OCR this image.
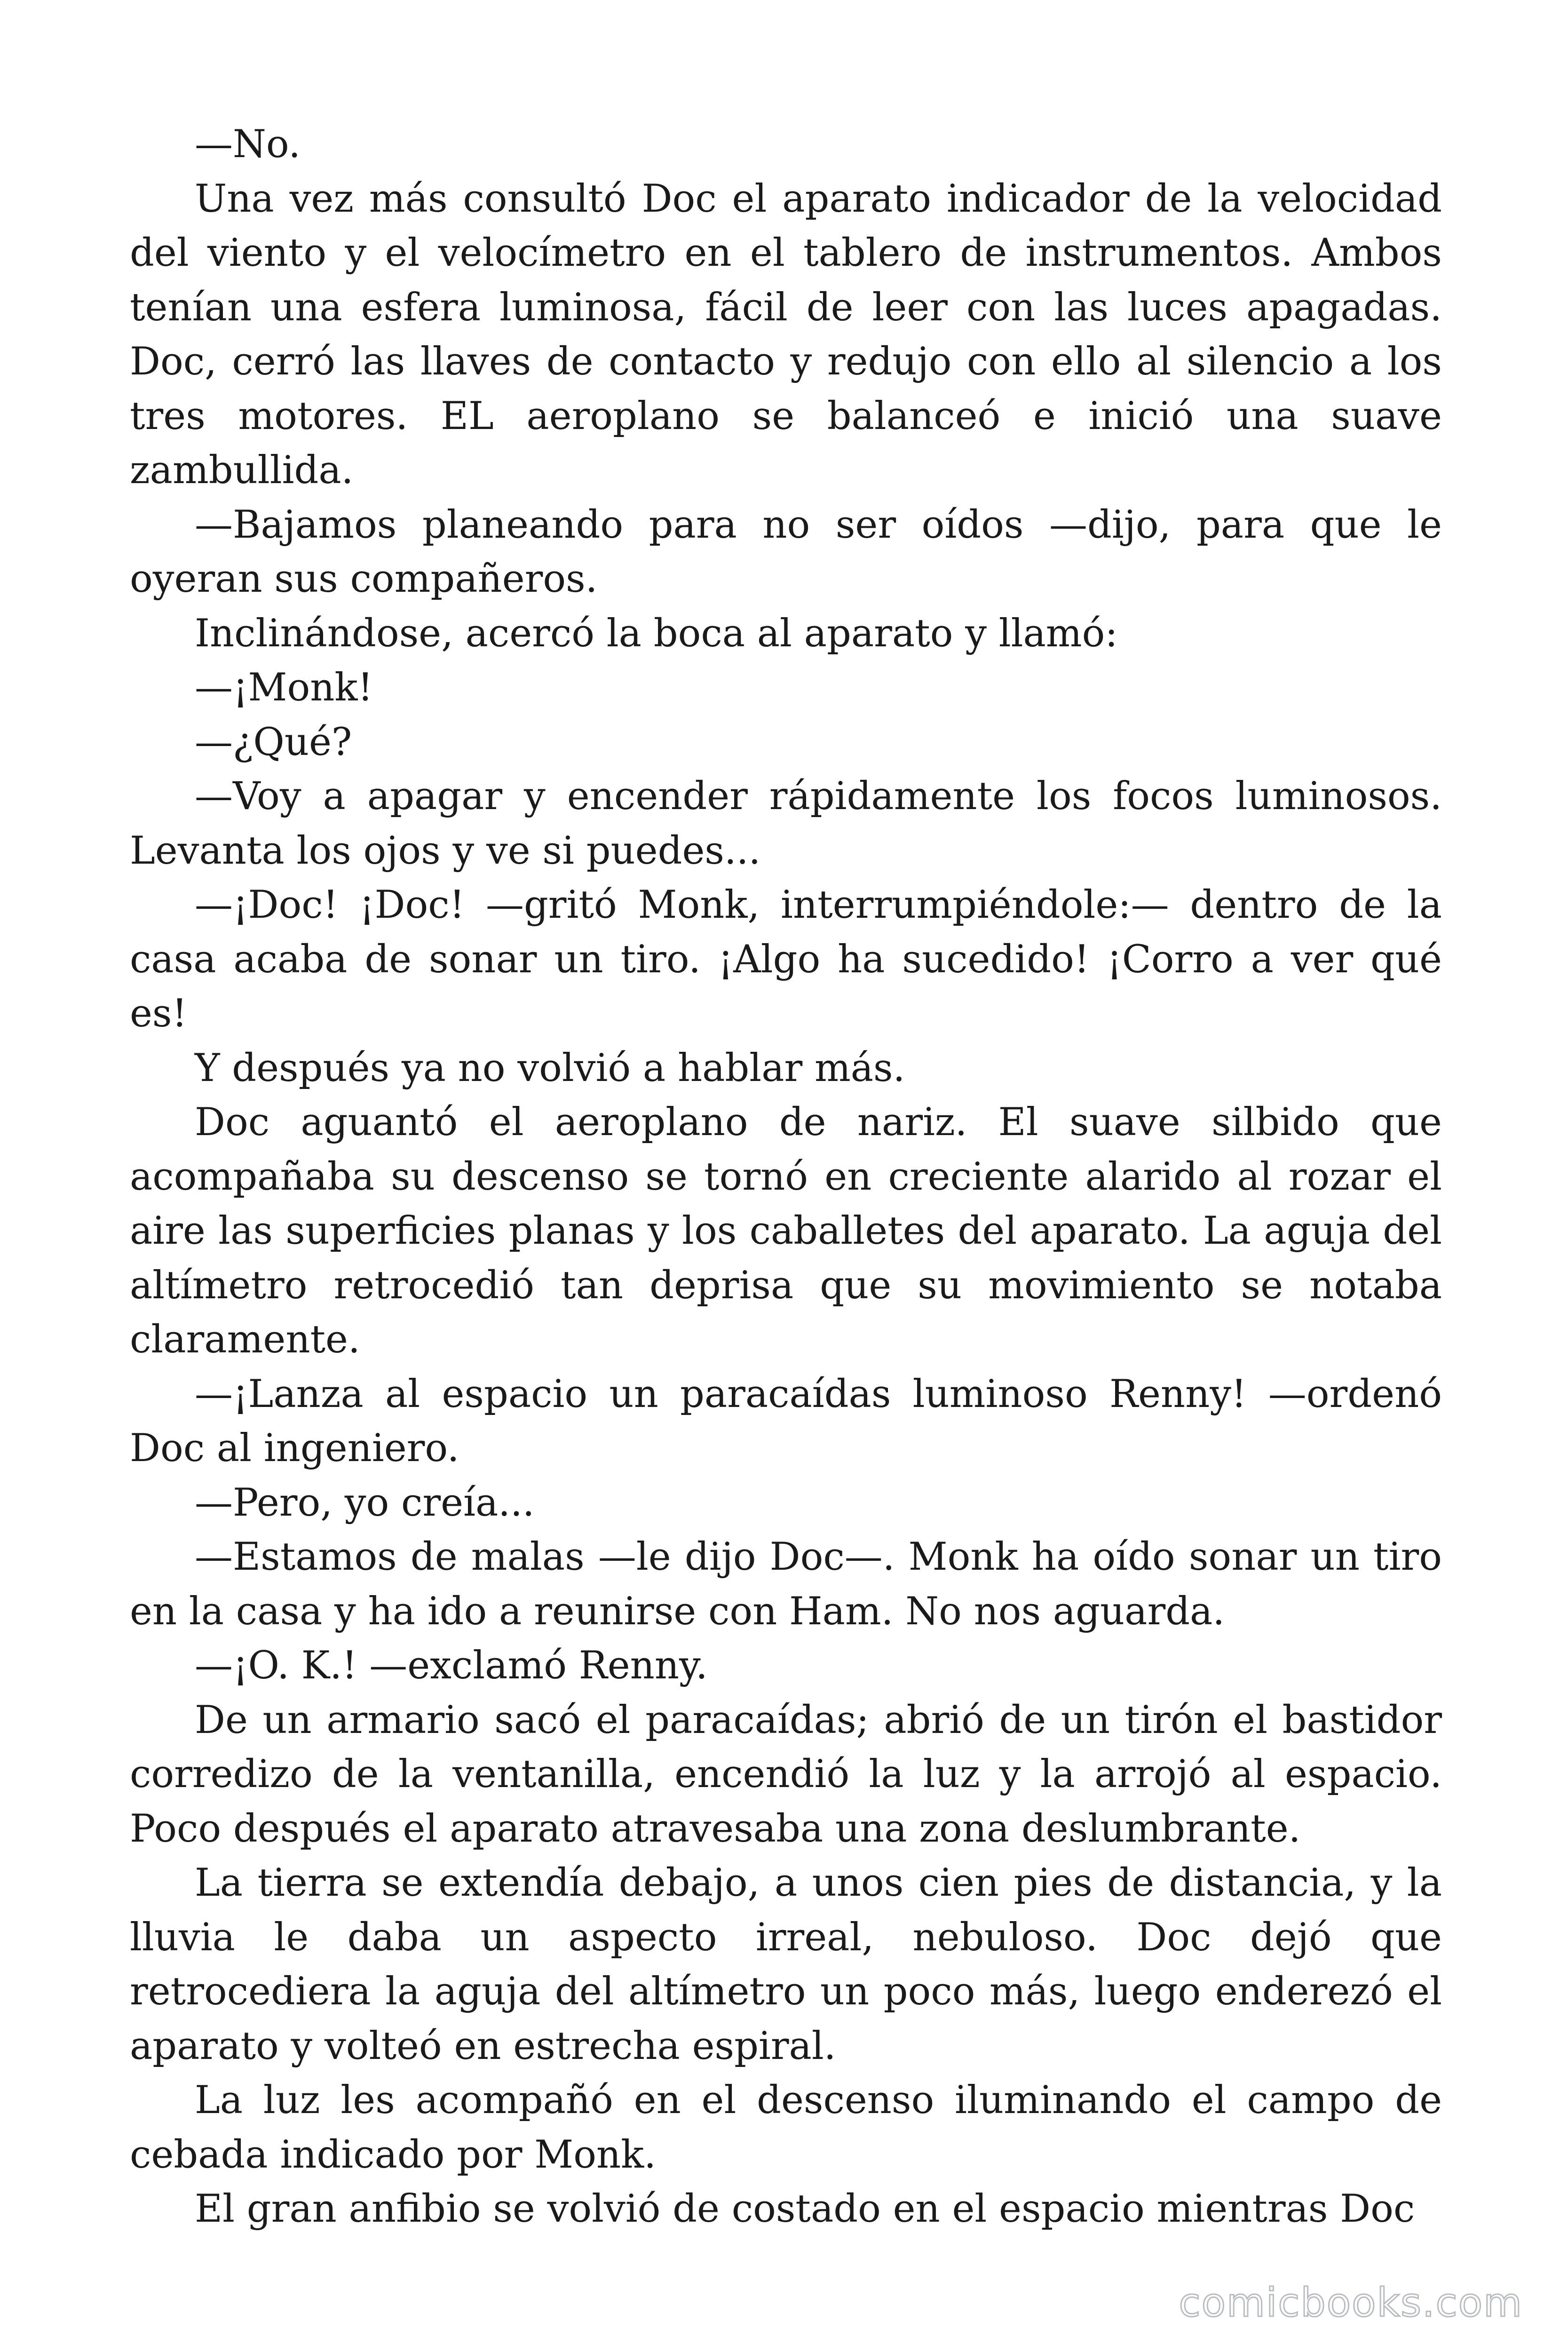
—No.

Una vez más consultó Doc el aparato indicador de la velocidad del viento y el velocímetro en el tablero de instrumentos. Ambos tenían una esfera luminosa, fácil de leer con las luces apagadas. Doc, cerró las llaves de contacto y redujo con ello al silencio a los tres motores. EL aeroplano se balanceó e inició una suave zambullida.

—Bajamos planeando para no ser oídos —dijo, para que le oyeran sus compañeros.

Inclinándose, acercó la boca al aparato y llamó:

—¡Monk!

—¿Qué?

—Voy a apagar y encender rápidamente los focos luminosos. Levanta los ojos y ve si puedes...

—¡Doc! ¡Doc! —gritó Monk, interrumpiéndole:— dentro de la casa acaba de sonar un tiro. ¡Algo ha sucedido! ¡Corro a ver qué es!

Y después ya no volvió a hablar más.

Doc aguantó el aeroplano de nariz. El suave silbido que acompañaba su descenso se tornó en creciente alarido al rozar el aire las superficies planas y los caballetes del aparato. La aguja del altímetro retrocedió tan deprisa que su movimiento se notaba claramente.

—¡Lanza al espacio un paracaídas luminoso Renny! —ordenó Doc al ingeniero.

—Pero, yo creía...

—Estamos de malas —le dijo Doc—. Monk ha oído sonar un tiro en la casa y ha ido a reunirse con Ham. No nos aguarda.

—¡O. K.! —exclamó Renny.

De un armario sacó el paracaídas; abrió de un tirón el bastidor corredizo de la ventanilla, encendió la luz y la arrojó al espacio. Poco después el aparato atravesaba una zona deslumbrante.

La tierra se extendía debajo, a unos cien pies de distancia, y la lluvia le daba un aspecto irreal, nebuloso. Doc dejó que retrocediera la aguja del altímetro un poco más, luego enderezó el aparato y volteó en estrecha espiral.

La luz les acompañó en el descenso iluminando el campo de cebada indicado por Monk.

El gran anfibio se volvió de costado en el espacio mientras Doc

comicbooks.com
